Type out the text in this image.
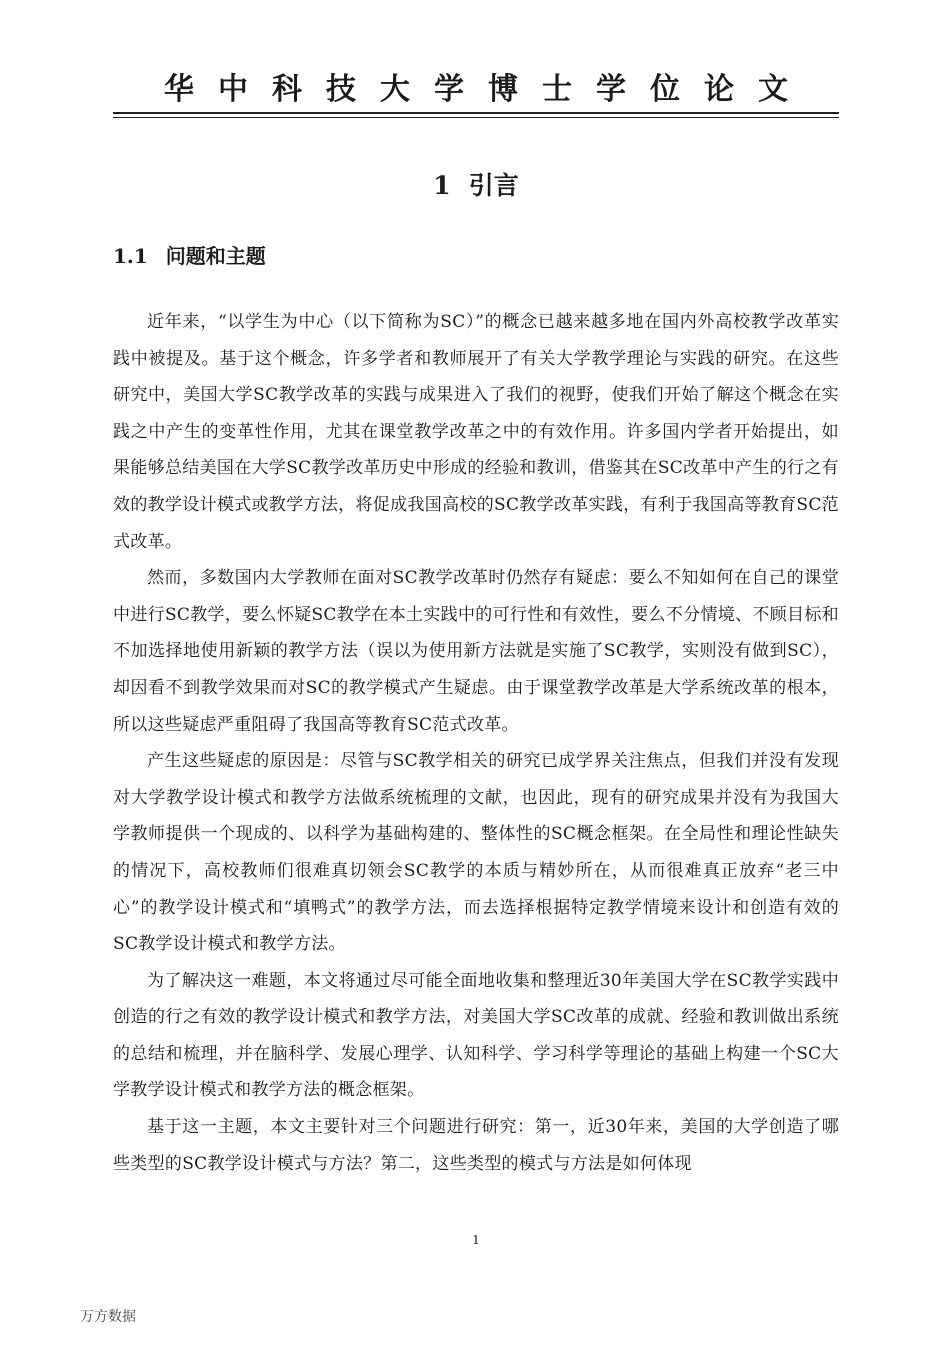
华中科技大学博士学位论文
1 引言
1.1 问题和主题

近年来，“以学生为中心（以下简称为SC）”的概念已越来越多地在国内外高校教学改革实践中被提及。基于这个概念，许多学者和教师展开了有关大学教学理论与实践的研究。在这些研究中，美国大学SC教学改革的实践与成果进入了我们的视野，使我们开始了解这个概念在实践之中产生的变革性作用，尤其在课堂教学改革之中的有效作用。许多国内学者开始提出，如果能够总结美国在大学SC教学改革历史中形成的经验和教训，借鉴其在SC改革中产生的行之有效的教学设计模式或教学方法，将促成我国高校的SC教学改革实践，有利于我国高等教育SC范式改革。

然而，多数国内大学教师在面对SC教学改革时仍然存有疑虑：要么不知如何在自己的课堂中进行SC教学，要么怀疑SC教学在本土实践中的可行性和有效性，要么不分情境、不顾目标和不加选择地使用新颖的教学方法（误以为使用新方法就是实施了SC教学，实则没有做到SC），却因看不到教学效果而对SC的教学模式产生疑虑。由于课堂教学改革是大学系统改革的根本，所以这些疑虑严重阻碍了我国高等教育SC范式改革。

产生这些疑虑的原因是：尽管与SC教学相关的研究已成学界关注焦点，但我们并没有发现对大学教学设计模式和教学方法做系统梳理的文献，也因此，现有的研究成果并没有为我国大学教师提供一个现成的、以科学为基础构建的、整体性的SC概念框架。在全局性和理论性缺失的情况下，高校教师们很难真切领会SC教学的本质与精妙所在，从而很难真正放弃“老三中心”的教学设计模式和“填鸭式”的教学方法，而去选择根据特定教学情境来设计和创造有效的SC教学设计模式和教学方法。

为了解决这一难题，本文将通过尽可能全面地收集和整理近30年美国大学在SC教学实践中创造的行之有效的教学设计模式和教学方法，对美国大学SC改革的成就、经验和教训做出系统的总结和梳理，并在脑科学、发展心理学、认知科学、学习科学等理论的基础上构建一个SC大学教学设计模式和教学方法的概念框架。

基于这一主题，本文主要针对三个问题进行研究：第一，近30年来，美国的大学创造了哪些类型的SC教学设计模式与方法？第二，这些类型的模式与方法是如何体现

1
万方数据
